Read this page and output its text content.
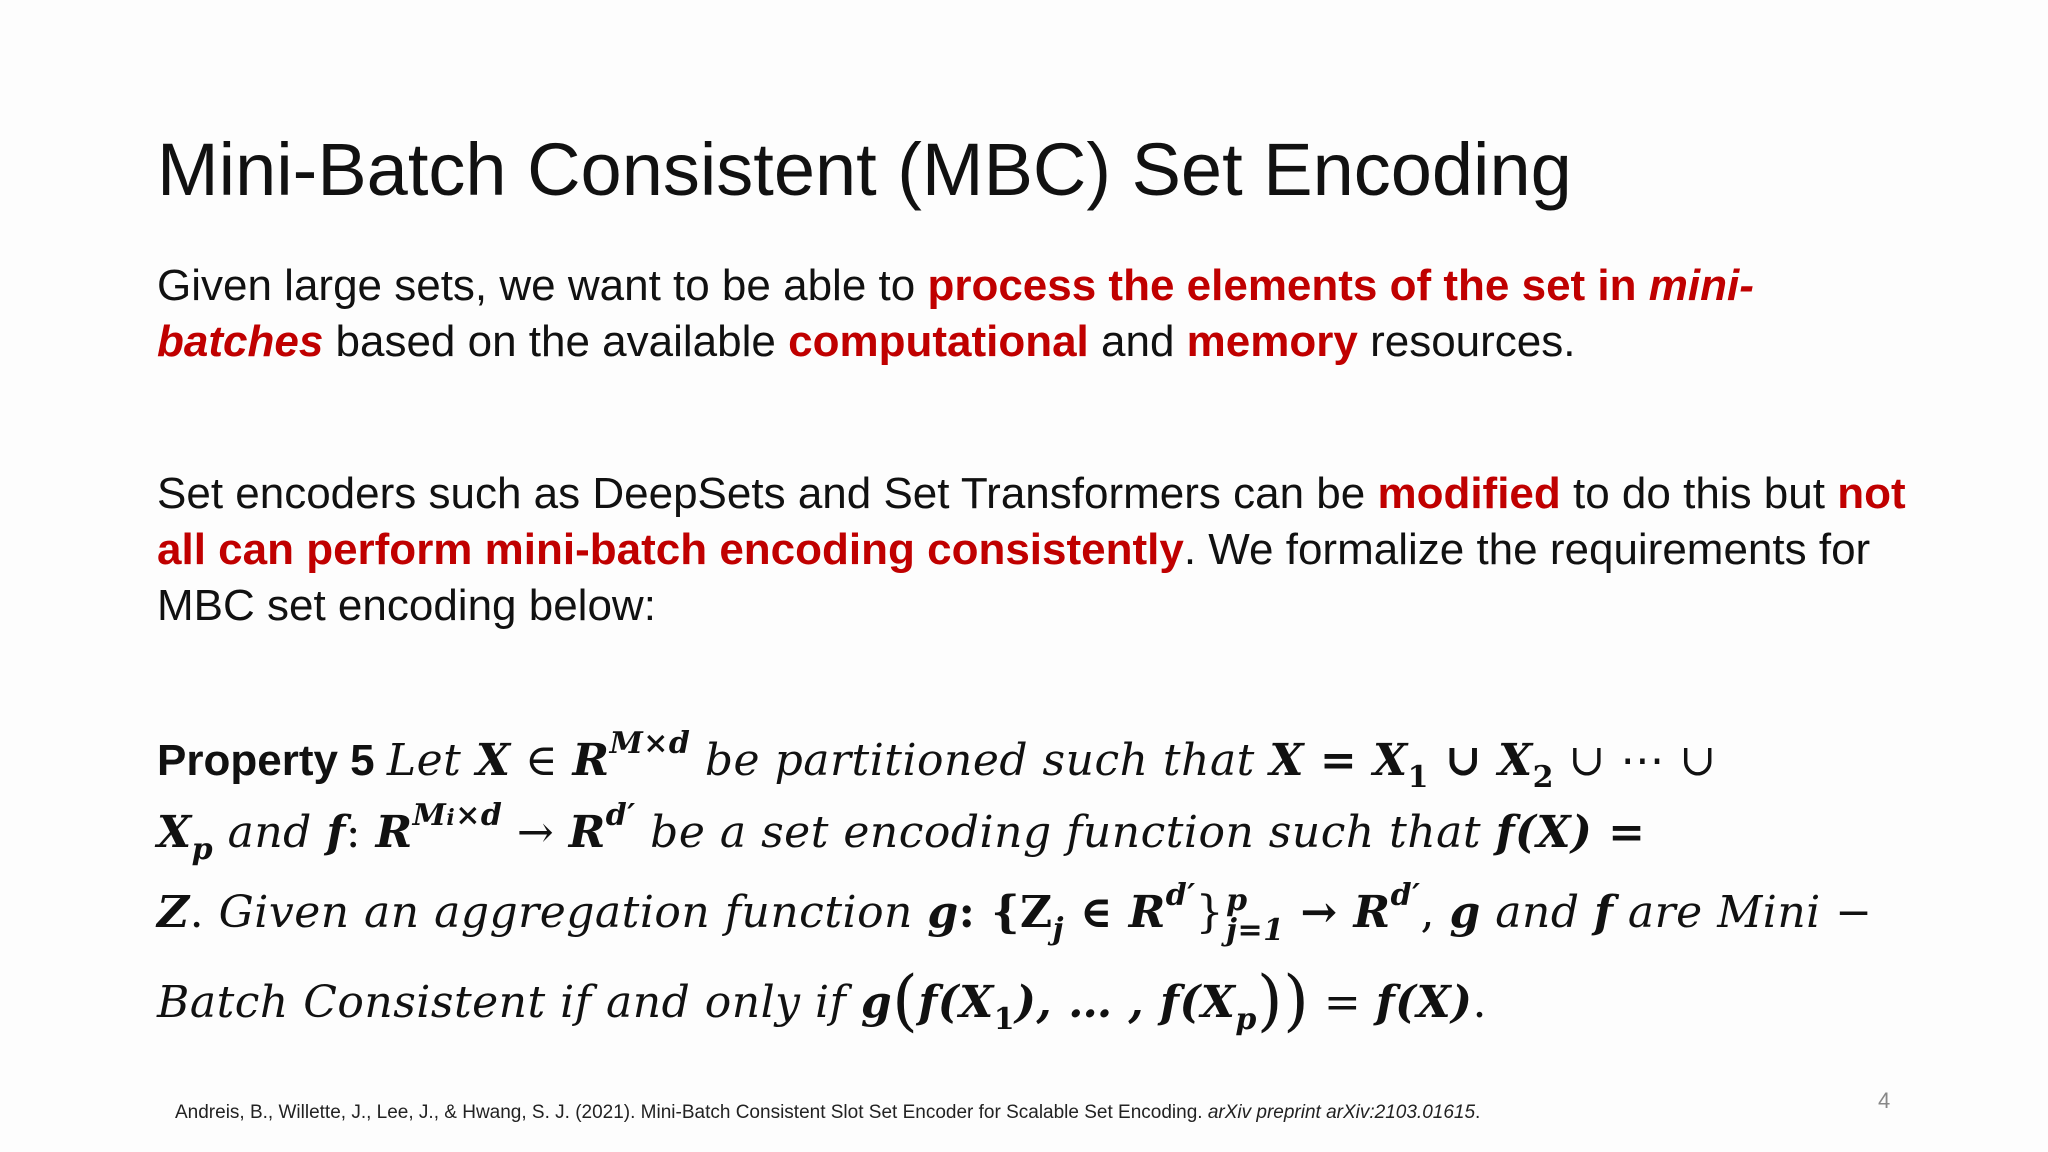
Mini-Batch Consistent (MBC) Set Encoding
Given large sets, we want to be able to process the elements of the set in mini-batches based on the available computational and memory resources.
Set encoders such as DeepSets and Set Transformers can be modified to do this but not all can perform mini-batch encoding consistently. We formalize the requirements for MBC set encoding below:
Property 5 Let X ∈ $R^{M\times d}$ be partitioned such that $X = X_1$ ∪ $X_2$ ∪ ⋯ ∪
$X_p$ and f: $R^{Mi\times d} \to R^{d'}$ be a set encoding function such that f(X) =
Z. Given an aggregation function g: {$Z_j$ ∈ $R^{d'}$} p
$j=1 \to R^{d'}$, g and f are Mini −
Batch Consistent if and only if $g(f(X_1)$, … , $f(X_p)) = f(X)$.
Andreis, B., Willette, J., Lee, J., & Hwang, S. J. (2021). Mini-Batch Consistent Slot Set Encoder for Scalable Set Encoding. arXiv preprint arXiv:2103.01615.	4
